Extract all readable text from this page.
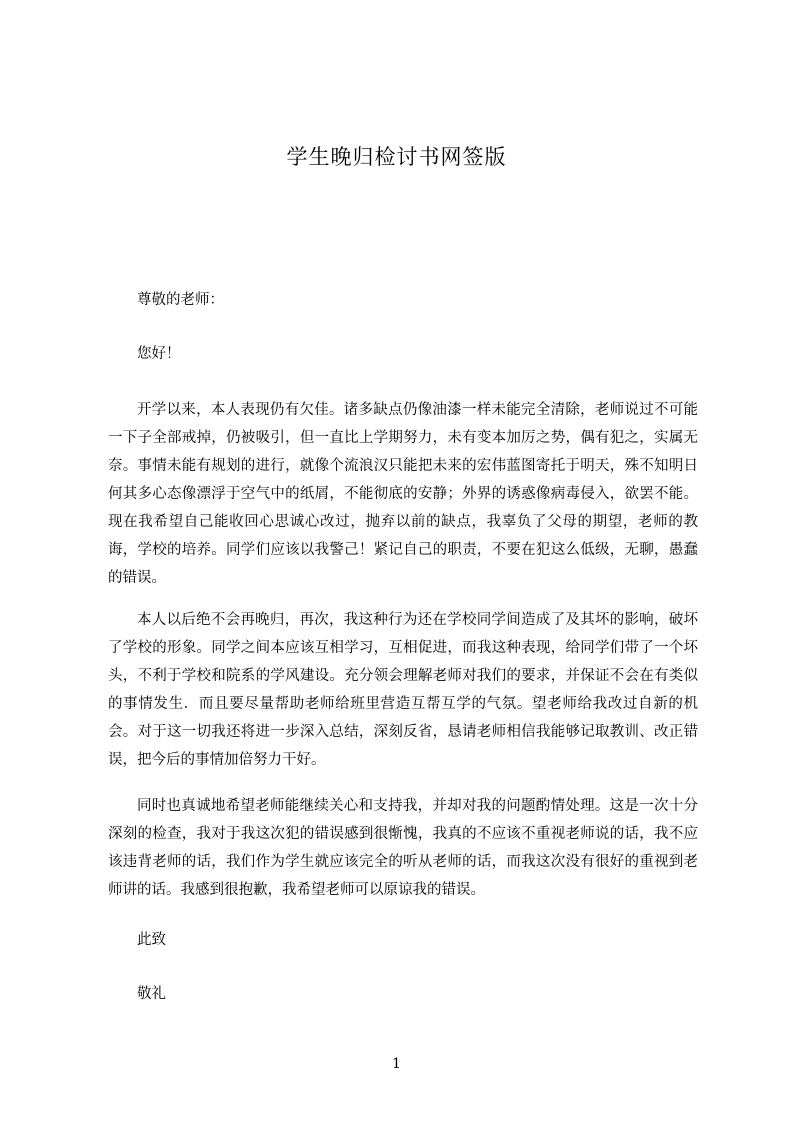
学生晚归检讨书网签版
尊敬的老师：
您好！
开学以来，本人表现仍有欠佳。诸多缺点仍像油漆一样未能完全清除，老师说过不可能一下子全部戒掉，仍被吸引，但一直比上学期努力，未有变本加厉之势，偶有犯之，实属无奈。事情未能有规划的进行，就像个流浪汉只能把未来的宏伟蓝图寄托于明天，殊不知明日何其多心态像漂浮于空气中的纸屑，不能彻底的安静；外界的诱惑像病毒侵入，欲罢不能。现在我希望自己能收回心思诚心改过，抛弃以前的缺点，我辜负了父母的期望，老师的教诲，学校的培养。同学们应该以我警己！紧记自己的职责，不要在犯这么低级，无聊，愚蠢的错误。
本人以后绝不会再晚归，再次，我这种行为还在学校同学间造成了及其坏的影响，破坏了学校的形象。同学之间本应该互相学习，互相促进，而我这种表现，给同学们带了一个坏头，不利于学校和院系的学风建设。充分领会理解老师对我们的要求，并保证不会在有类似的事情发生．而且要尽量帮助老师给班里营造互帮互学的气氛。望老师给我改过自新的机会。对于这一切我还将进一步深入总结，深刻反省，恳请老师相信我能够记取教训、改正错误，把今后的事情加倍努力干好。
同时也真诚地希望老师能继续关心和支持我，并却对我的问题酌情处理。这是一次十分深刻的检查，我对于我这次犯的错误感到很惭愧，我真的不应该不重视老师说的话，我不应该违背老师的话，我们作为学生就应该完全的听从老师的话，而我这次没有很好的重视到老师讲的话。我感到很抱歉，我希望老师可以原谅我的错误。
此致
敬礼
1
